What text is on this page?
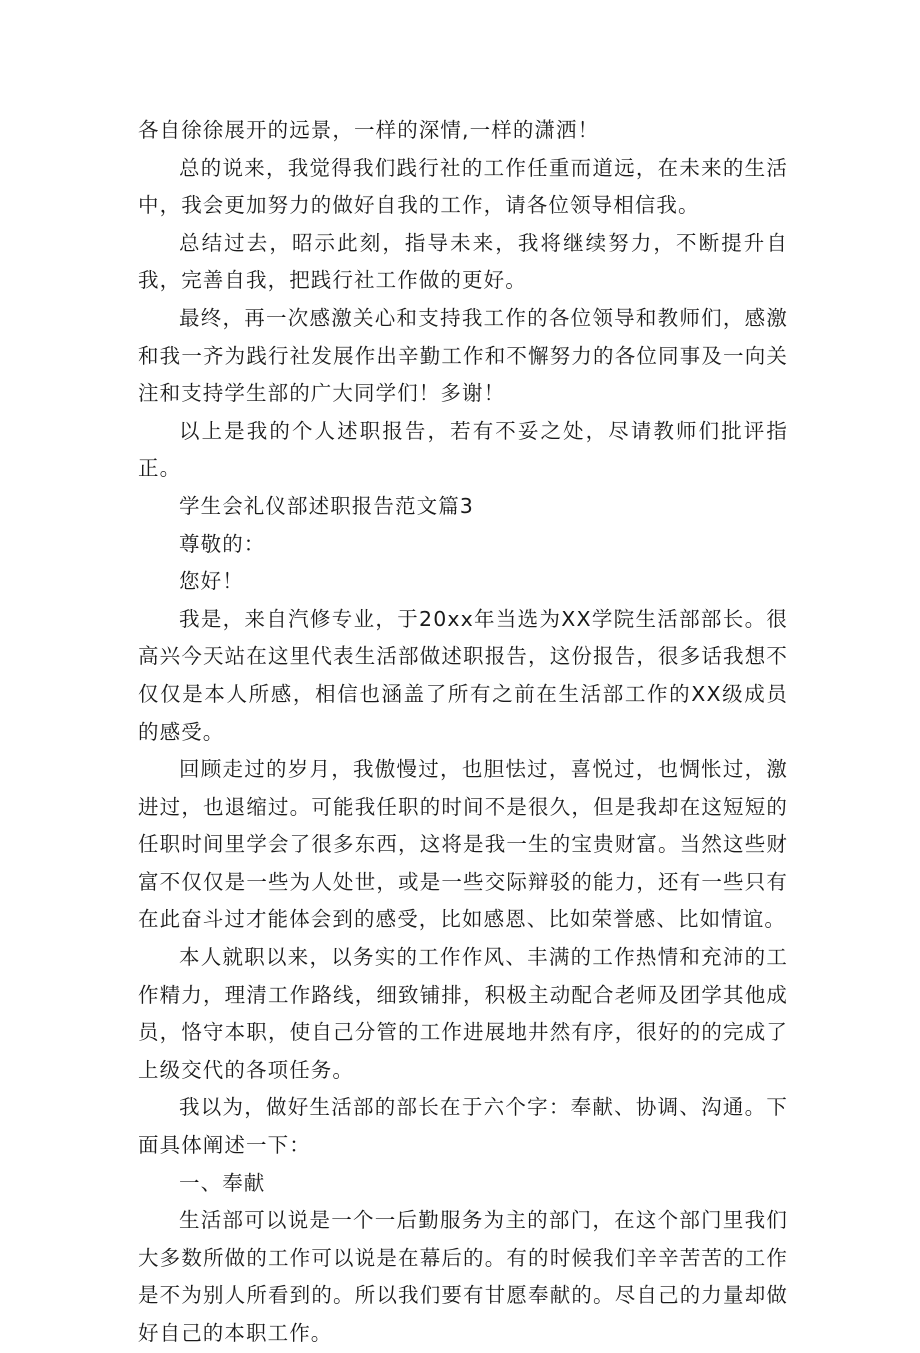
各自徐徐展开的远景，一样的深情,一样的潇洒！

总的说来，我觉得我们践行社的工作任重而道远，在未来的生活中，我会更加努力的做好自我的工作，请各位领导相信我。

总结过去，昭示此刻，指导未来，我将继续努力，不断提升自我，完善自我，把践行社工作做的更好。

最终，再一次感激关心和支持我工作的各位领导和教师们，感激和我一齐为践行社发展作出辛勤工作和不懈努力的各位同事及一向关注和支持学生部的广大同学们！多谢！

以上是我的个人述职报告，若有不妥之处，尽请教师们批评指正。

学生会礼仪部述职报告范文篇3

尊敬的：

您好！

我是，来自汽修专业，于20xx年当选为XX学院生活部部长。很高兴今天站在这里代表生活部做述职报告，这份报告，很多话我想不仅仅是本人所感，相信也涵盖了所有之前在生活部工作的XX级成员的感受。

回顾走过的岁月，我傲慢过，也胆怯过，喜悦过，也惆怅过，激进过，也退缩过。可能我任职的时间不是很久，但是我却在这短短的任职时间里学会了很多东西，这将是我一生的宝贵财富。当然这些财富不仅仅是一些为人处世，或是一些交际辩驳的能力，还有一些只有在此奋斗过才能体会到的感受，比如感恩、比如荣誉感、比如情谊。

本人就职以来，以务实的工作作风、丰满的工作热情和充沛的工作精力，理清工作路线，细致铺排，积极主动配合老师及团学其他成员，恪守本职，使自己分管的工作进展地井然有序，很好的的完成了上级交代的各项任务。

我以为，做好生活部的部长在于六个字：奉献、协调、沟通。下面具体阐述一下：

一、奉献

生活部可以说是一个一后勤服务为主的部门，在这个部门里我们大多数所做的工作可以说是在幕后的。有的时候我们辛辛苦苦的工作是不为别人所看到的。所以我们要有甘愿奉献的。尽自己的力量却做好自己的本职工作。
